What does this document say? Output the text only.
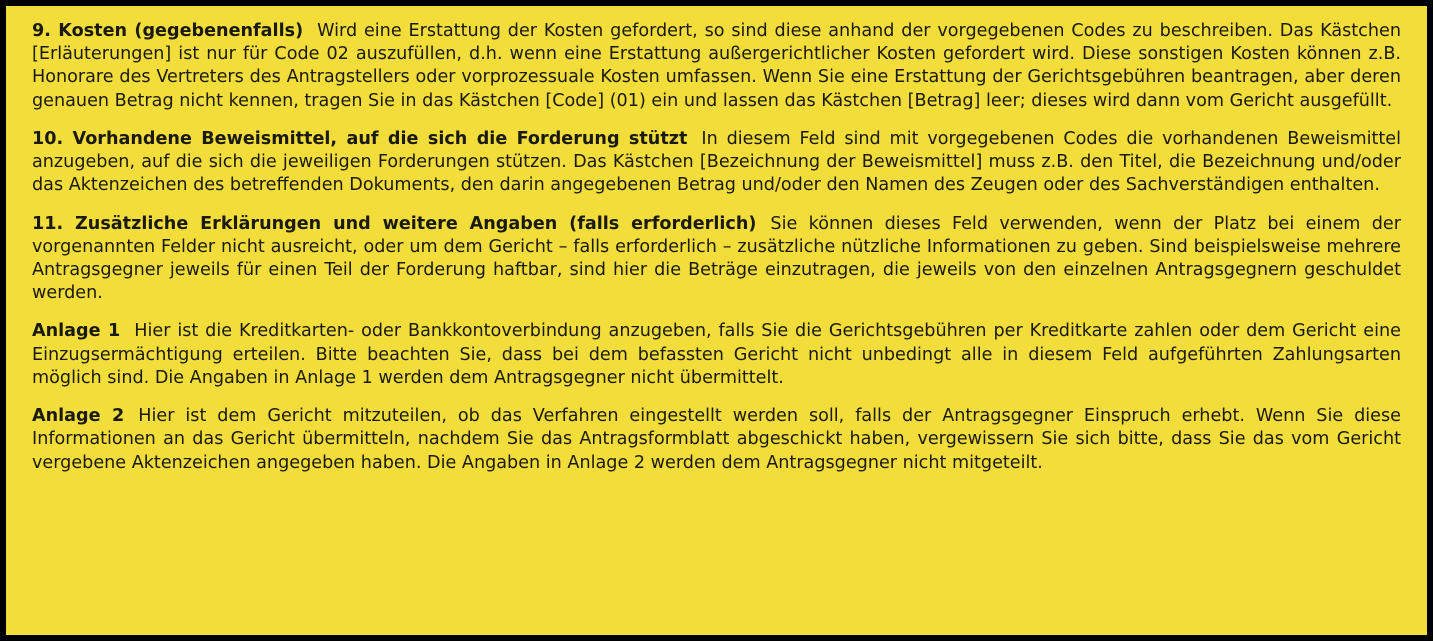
9. Kosten (gegebenenfalls) Wird eine Erstattung der Kosten gefordert, so sind diese anhand der vorgegebenen Codes zu beschreiben. Das Kästchen [Erläuterungen] ist nur für Code 02 auszufüllen, d.h. wenn eine Erstattung außergerichtlicher Kosten gefordert wird. Diese sonstigen Kosten können z.B. Honorare des Vertreters des Antragstellers oder vorprozessuale Kosten umfassen. Wenn Sie eine Erstattung der Gerichtsgebühren beantragen, aber deren genauen Betrag nicht kennen, tragen Sie in das Kästchen [Code] (01) ein und lassen das Kästchen [Betrag] leer; dieses wird dann vom Gericht ausgefüllt.

10. Vorhandene Beweismittel, auf die sich die Forderung stützt In diesem Feld sind mit vorgegebenen Codes die vorhandenen Beweismittel anzugeben, auf die sich die jeweiligen Forderungen stützen. Das Kästchen [Bezeichnung der Beweismittel] muss z.B. den Titel, die Bezeichnung und/oder das Aktenzeichen des betreffenden Dokuments, den darin angegebenen Betrag und/oder den Namen des Zeugen oder des Sachverständigen enthalten.

11. Zusätzliche Erklärungen und weitere Angaben (falls erforderlich) Sie können dieses Feld verwenden, wenn der Platz bei einem der vorgenannten Felder nicht ausreicht, oder um dem Gericht – falls erforderlich – zusätzliche nützliche Informationen zu geben. Sind beispielsweise mehrere Antragsgegner jeweils für einen Teil der Forderung haftbar, sind hier die Beträge einzutragen, die jeweils von den einzelnen Antragsgegnern geschuldet werden.

Anlage 1 Hier ist die Kreditkarten- oder Bankkontoverbindung anzugeben, falls Sie die Gerichtsgebühren per Kreditkarte zahlen oder dem Gericht eine Einzugsermächtigung erteilen. Bitte beachten Sie, dass bei dem befassten Gericht nicht unbedingt alle in diesem Feld aufgeführten Zahlungsarten möglich sind. Die Angaben in Anlage 1 werden dem Antragsgegner nicht übermittelt.

Anlage 2 Hier ist dem Gericht mitzuteilen, ob das Verfahren eingestellt werden soll, falls der Antragsgegner Einspruch erhebt. Wenn Sie diese Informationen an das Gericht übermitteln, nachdem Sie das Antragsformblatt abgeschickt haben, vergewissern Sie sich bitte, dass Sie das vom Gericht vergebene Aktenzeichen angegeben haben. Die Angaben in Anlage 2 werden dem Antragsgegner nicht mitgeteilt.
